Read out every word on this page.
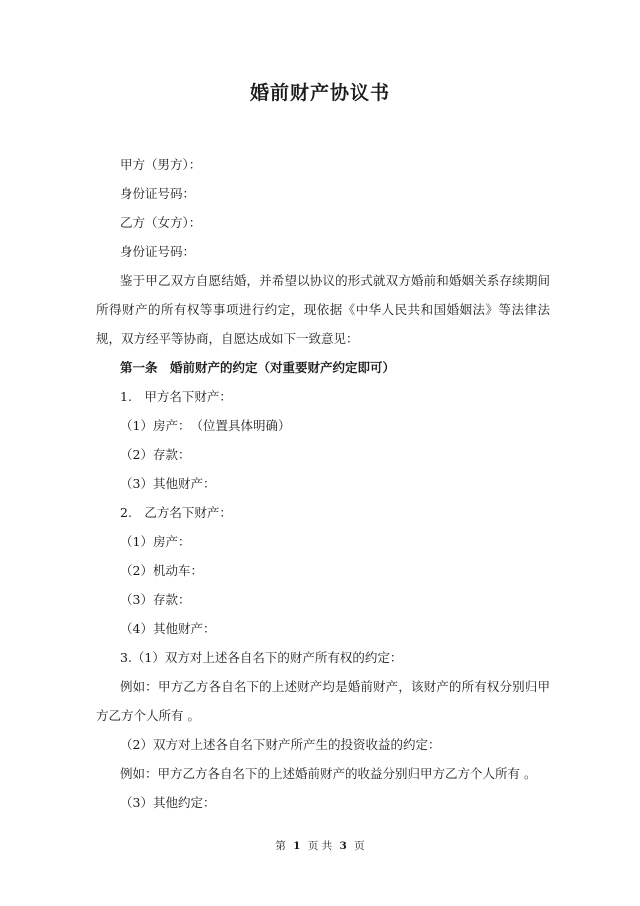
婚前财产协议书
甲方（男方）：
身份证号码：
乙方（女方）：
身份证号码：
鉴于甲乙双方自愿结婚，并希望以协议的形式就双方婚前和婚姻关系存续期间所得财产的所有权等事项进行约定，现依据《中华人民共和国婚姻法》等法律法规，双方经平等协商，自愿达成如下一致意见：
第一条　婚前财产的约定（对重要财产约定即可）
1.　甲方名下财产：
（1）房产：　（位置具体明确）
（2）存款：
（3）其他财产：
2.　乙方名下财产：
（1）房产：
（2）机动车：
（3）存款：
（4）其他财产：
3.（1）双方对上述各自名下的财产所有权的约定：
例如：甲方乙方各自名下的上述财产均是婚前财产，该财产的所有权分别归甲方乙方个人所有 。
（2）双方对上述各自名下财产所产生的投资收益的约定：
例如：甲方乙方各自名下的上述婚前财产的收益分别归甲方乙方个人所有 。
（3）其他约定：
第 1 页 共 3 页
